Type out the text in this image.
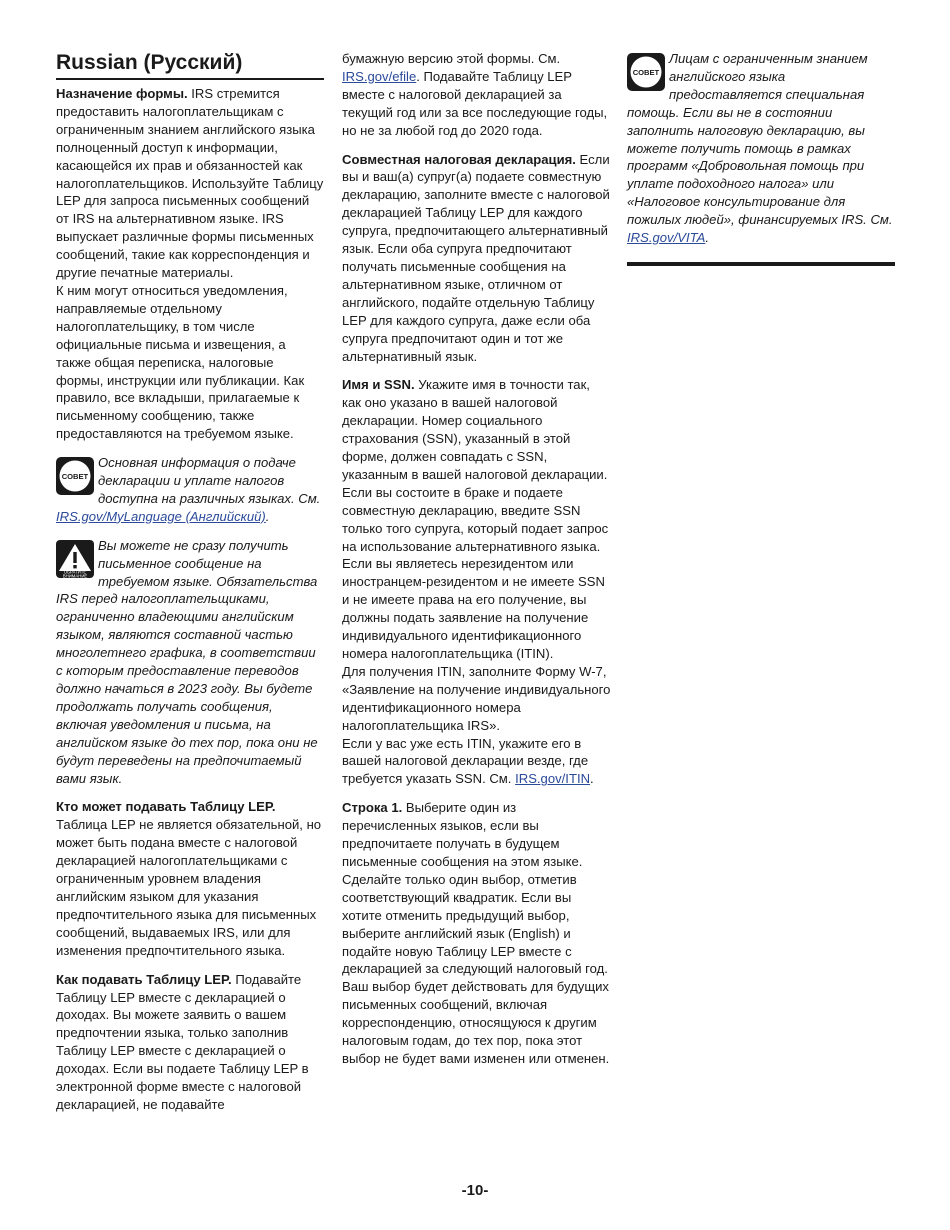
Russian (Русский)

Назначение формы. IRS стремится предоставить налогоплательщикам с ограниченным знанием английского языка полноценный доступ к информации, касающейся их прав и обязанностей как налогоплательщиков. Используйте Таблицу LEP для запроса письменных сообщений от IRS на альтернативном языке. IRS выпускает различные формы письменных сообщений, такие как корреспонденция и другие печатные материалы.
К ним могут относиться уведомления, направляемые отдельному налогоплательщику, в том числе официальные письма и извещения, а также общая переписка, налоговые формы, инструкции или публикации. Как правило, все вкладыши, прилагаемые к письменному сообщению, также предоставляются на требуемом языке.

СОВЕТ
Основная информация о подаче декларации и уплате налогов доступна на различных языках. См. IRS.gov/MyLanguage (Английский).
ОБРАТИТЕ
ВНИМАНИЕ
Вы можете не сразу получить письменное сообщение на требуемом языке. Обязательства IRS перед налогоплательщиками, ограниченно владеющими английским языком, являются составной частью многолетнего графика, в соответствии с которым предоставление переводов должно начаться в 2023 году. Вы будете продолжать получать сообщения, включая уведомления и письма, на английском языке до тех пор, пока они не будут переведены на предпочитаемый вами язык.

Кто может подавать Таблицу LEP. Таблица LEP не является обязательной, но может быть подана вместе с налоговой декларацией налогоплательщиками с ограниченным уровнем владения английским языком для указания предпочтительного языка для письменных сообщений, выдаваемых IRS, или для изменения предпочтительного языка.

Как подавать Таблицу LEP. Подавайте Таблицу LEP вместе с декларацией о доходах. Вы можете заявить о вашем предпочтении языка, только заполнив Таблицу LEP вместе с декларацией о доходах. Если вы подаете Таблицу LEP в электронной форме вместе с налоговой декларацией, не подавайте

бумажную версию этой формы. См. IRS.gov/efile. Подавайте Таблицу LEP вместе с налоговой декларацией за текущий год или за все последующие годы, но не за любой год до 2020 года.

Совместная налоговая декларация. Если вы и ваш(а) супруг(а) подаете совместную декларацию, заполните вместе с налоговой декларацией Таблицу LEP для каждого супруга, предпочитающего альтернативный язык. Если оба супруга предпочитают получать письменные сообщения на альтернативном языке, отличном от английского, подайте отдельную Таблицу LEP для каждого супруга, даже если оба супруга предпочитают один и тот же альтернативный язык.

Имя и SSN. Укажите имя в точности так, как оно указано в вашей налоговой декларации. Номер социального страхования (SSN), указанный в этой форме, должен совпадать с SSN, указанным в вашей налоговой декларации. Если вы состоите в браке и подаете совместную декларацию, введите SSN только того супруга, который подает запрос на использование альтернативного языка. Если вы являетесь нерезидентом или иностранцем-резидентом и не имеете SSN и не имеете права на его получение, вы должны подать заявление на получение индивидуального идентификационного номера налогоплательщика (ITIN).
Для получения ITIN, заполните Форму W-7, «Заявление на получение индивидуального идентификационного номера налогоплательщика IRS».
Если у вас уже есть ITIN, укажите его в вашей налоговой декларации везде, где требуется указать SSN. См. IRS.gov/ITIN.

Строка 1. Выберите один из перечисленных языков, если вы предпочитаете получать в будущем письменные сообщения на этом языке. Сделайте только один выбор, отметив соответствующий квадратик. Если вы хотите отменить предыдущий выбор, выберите английский язык (English) и подайте новую Таблицу LEP вместе с декларацией за следующий налоговый год. Ваш выбор будет действовать для будущих письменных сообщений, включая корреспонденцию, относящуюся к другим налоговым годам, до тех пор, пока этот выбор не будет вами изменен или отменен.

СОВЕТ
Лицам с ограниченным знанием английского языка предоставляется специальная помощь. Если вы не в состоянии заполнить налоговую декларацию, вы можете получить помощь в рамках программ «Добровольная помощь при уплате подоходного налога» или «Налоговое консультирование для пожилых людей», финансируемых IRS. См. IRS.gov/VITA.
-10-
